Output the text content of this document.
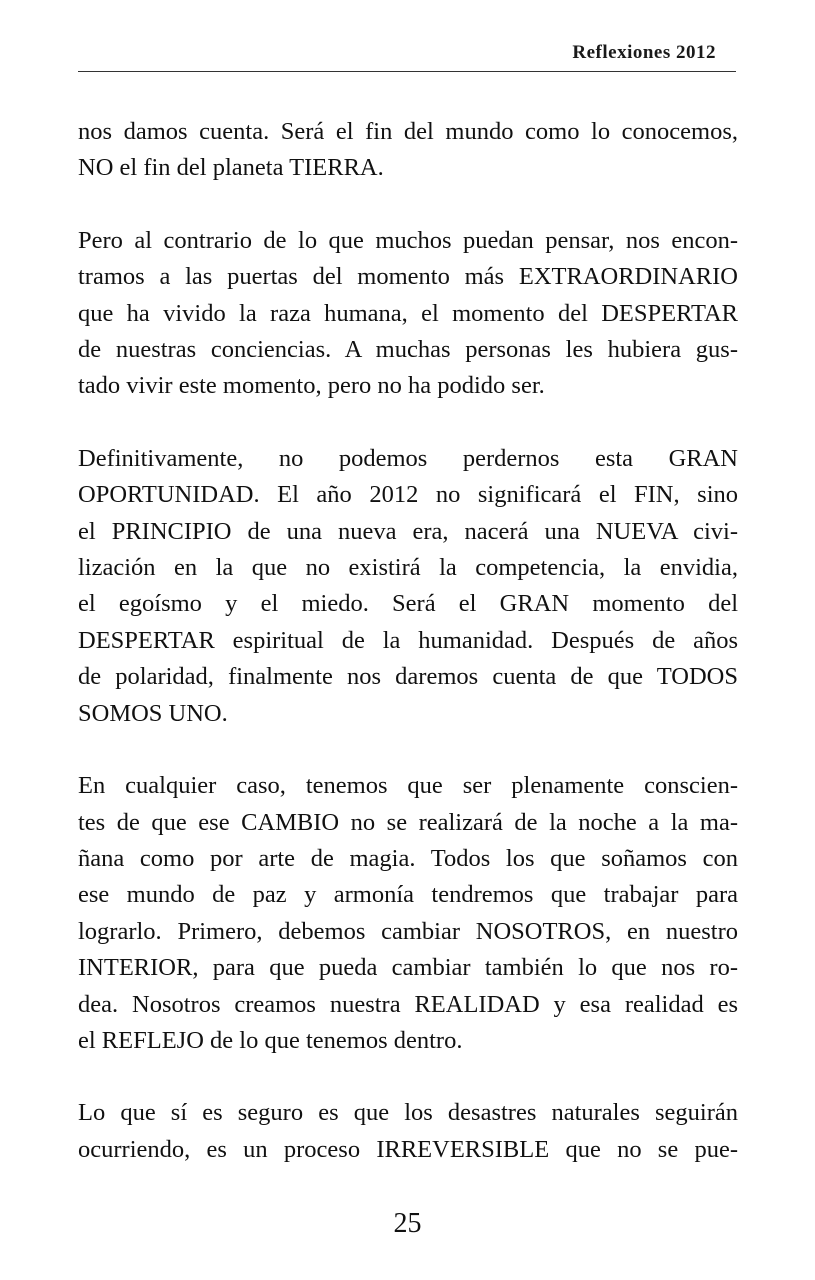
Reflexiones 2012

nos damos cuenta. Será el fin del mundo como lo conocemos,
NO el fin del planeta TIERRA.

Pero al contrario de lo que muchos puedan pensar, nos encon-
tramos a las puertas del momento más EXTRAORDINARIO
que ha vivido la raza humana, el momento del DESPERTAR
de nuestras conciencias. A muchas personas les hubiera gus-
tado vivir este momento, pero no ha podido ser.

Definitivamente, no podemos perdernos esta GRAN
OPORTUNIDAD. El año 2012 no significará el FIN, sino
el PRINCIPIO de una nueva era, nacerá una NUEVA civi-
lización en la que no existirá la competencia, la envidia,
el egoísmo y el miedo. Será el GRAN momento del
DESPERTAR espiritual de la humanidad. Después de años
de polaridad, finalmente nos daremos cuenta de que TODOS
SOMOS UNO.

En cualquier caso, tenemos que ser plenamente conscien-
tes de que ese CAMBIO no se realizará de la noche a la ma-
ñana como por arte de magia. Todos los que soñamos con
ese mundo de paz y armonía tendremos que trabajar para
lograrlo. Primero, debemos cambiar NOSOTROS, en nuestro
INTERIOR, para que pueda cambiar también lo que nos ro-
dea. Nosotros creamos nuestra REALIDAD y esa realidad es
el REFLEJO de lo que tenemos dentro.

Lo que sí es seguro es que los desastres naturales seguirán
ocurriendo, es un proceso IRREVERSIBLE que no se pue-

25
